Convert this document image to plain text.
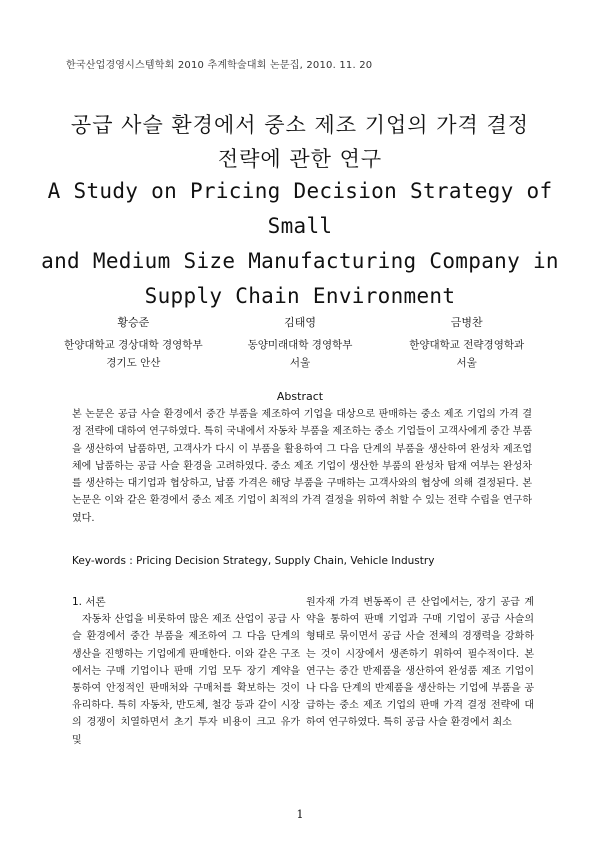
한국산업경영시스템학회 2010 추계학술대회 논문집, 2010. 11. 20
공급 사슬 환경에서 중소 제조 기업의 가격 결정
전략에 관한 연구
A Study on Pricing Decision Strategy of Small
and Medium Size Manufacturing Company in
Supply Chain Environment
황승준
한양대학교 경상대학 경영학부
경기도 안산
김태영
동양미래대학 경영학부
서울
금병찬
한양대학교 전략경영학과
서울
Abstract
본 논문은 공급 사슬 환경에서 중간 부품을 제조하여 기업을 대상으로 판매하는 중소 제조 기업의 가격 결정 전략에 대하여 연구하였다. 특히 국내에서 자동차 부품을 제조하는 중소 기업들이 고객사에게 중간 부품을 생산하여 납품하면, 고객사가 다시 이 부품을 활용하여 그 다음 단계의 부품을 생산하여 완성차 제조업체에 납품하는 공급 사슬 환경을 고려하였다. 중소 제조 기업이 생산한 부품의 완성차 탑재 여부는 완성차를 생산하는 대기업과 협상하고, 납품 가격은 해당 부품을 구매하는 고객사와의 협상에 의해 결정된다. 본 논문은 이와 같은 환경에서 중소 제조 기업이 최적의 가격 결정을 위하여 취할 수 있는 전략 수립을 연구하였다.
Key-words : Pricing Decision Strategy, Supply Chain, Vehicle Industry
1. 서론
자동차 산업을 비롯하여 많은 제조 산업이 공급 사슬 환경에서 중간 부품을 제조하여 그 다음 단계의 생산을 진행하는 기업에게 판매한다. 이와 같은 구조에서는 구매 기업이나 판매 기업 모두 장기 계약을 통하여 안정적인 판매처와 구매처를 확보하는 것이 유리하다. 특히 자동차, 반도체, 철강 등과 같이 시장의 경쟁이 치열하면서 초기 투자 비용이 크고 유가 및
원자재 가격 변동폭이 큰 산업에서는, 장기 공급 계약을 통하여 판매 기업과 구매 기업이 공급 사슬의 형태로 묶이면서 공급 사슬 전체의 경쟁력을 강화하는 것이 시장에서 생존하기 위하여 필수적이다. 본 연구는 중간 반제품을 생산하여 완성품 제조 기업이나 다음 단계의 반제품을 생산하는 기업에 부품을 공급하는 중소 제조 기업의 판매 가격 결정 전략에 대하여 연구하였다. 특히 공급 사슬 환경에서 최소
1
